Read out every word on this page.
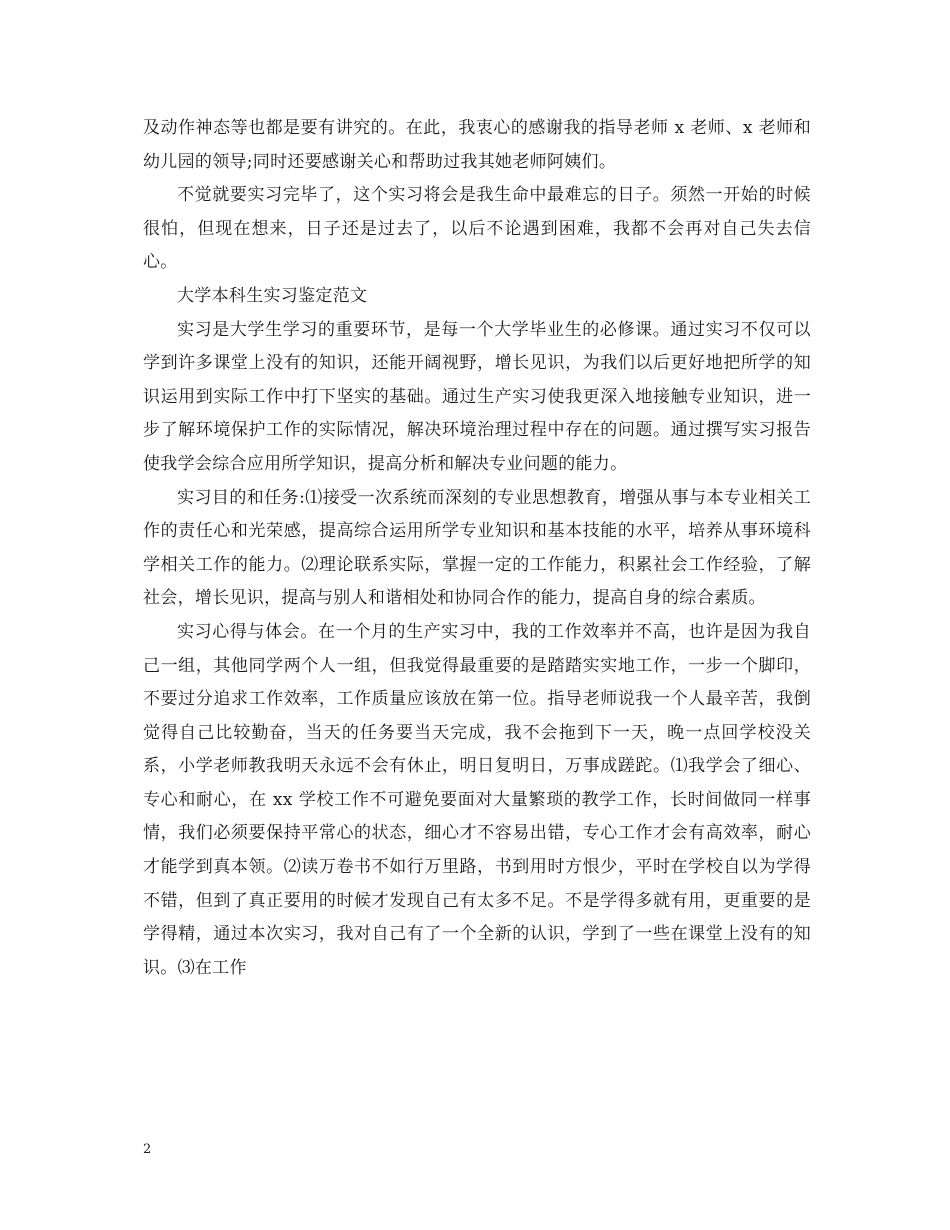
及动作神态等也都是要有讲究的。在此，我衷心的感谢我的指导老师 x 老师、x 老师和幼儿园的领导;同时还要感谢关心和帮助过我其她老师阿姨们。

不觉就要实习完毕了，这个实习将会是我生命中最难忘的日子。须然一开始的时候很怕，但现在想来，日子还是过去了，以后不论遇到困难，我都不会再对自己失去信心。

大学本科生实习鉴定范文

实习是大学生学习的重要环节，是每一个大学毕业生的必修课。通过实习不仅可以学到许多课堂上没有的知识，还能开阔视野，增长见识，为我们以后更好地把所学的知识运用到实际工作中打下坚实的基础。通过生产实习使我更深入地接触专业知识，进一步了解环境保护工作的实际情况，解决环境治理过程中存在的问题。通过撰写实习报告使我学会综合应用所学知识，提高分析和解决专业问题的能力。

实习目的和任务:⑴接受一次系统而深刻的专业思想教育，增强从事与本专业相关工作的责任心和光荣感，提高综合运用所学专业知识和基本技能的水平，培养从事环境科学相关工作的能力。⑵理论联系实际，掌握一定的工作能力，积累社会工作经验，了解社会，增长见识，提高与别人和谐相处和协同合作的能力，提高自身的综合素质。

实习心得与体会。在一个月的生产实习中，我的工作效率并不高，也许是因为我自己一组，其他同学两个人一组，但我觉得最重要的是踏踏实实地工作，一步一个脚印，不要过分追求工作效率，工作质量应该放在第一位。指导老师说我一个人最辛苦，我倒觉得自己比较勤奋，当天的任务要当天完成，我不会拖到下一天，晚一点回学校没关系，小学老师教我明天永远不会有休止，明日复明日，万事成蹉跎。⑴我学会了细心、专心和耐心，在 xx 学校工作不可避免要面对大量繁琐的教学工作，长时间做同一样事情，我们必须要保持平常心的状态，细心才不容易出错，专心工作才会有高效率，耐心才能学到真本领。⑵读万卷书不如行万里路，书到用时方恨少，平时在学校自以为学得不错，但到了真正要用的时候才发现自己有太多不足。不是学得多就有用，更重要的是学得精，通过本次实习，我对自己有了一个全新的认识，学到了一些在课堂上没有的知识。⑶在工作

2
